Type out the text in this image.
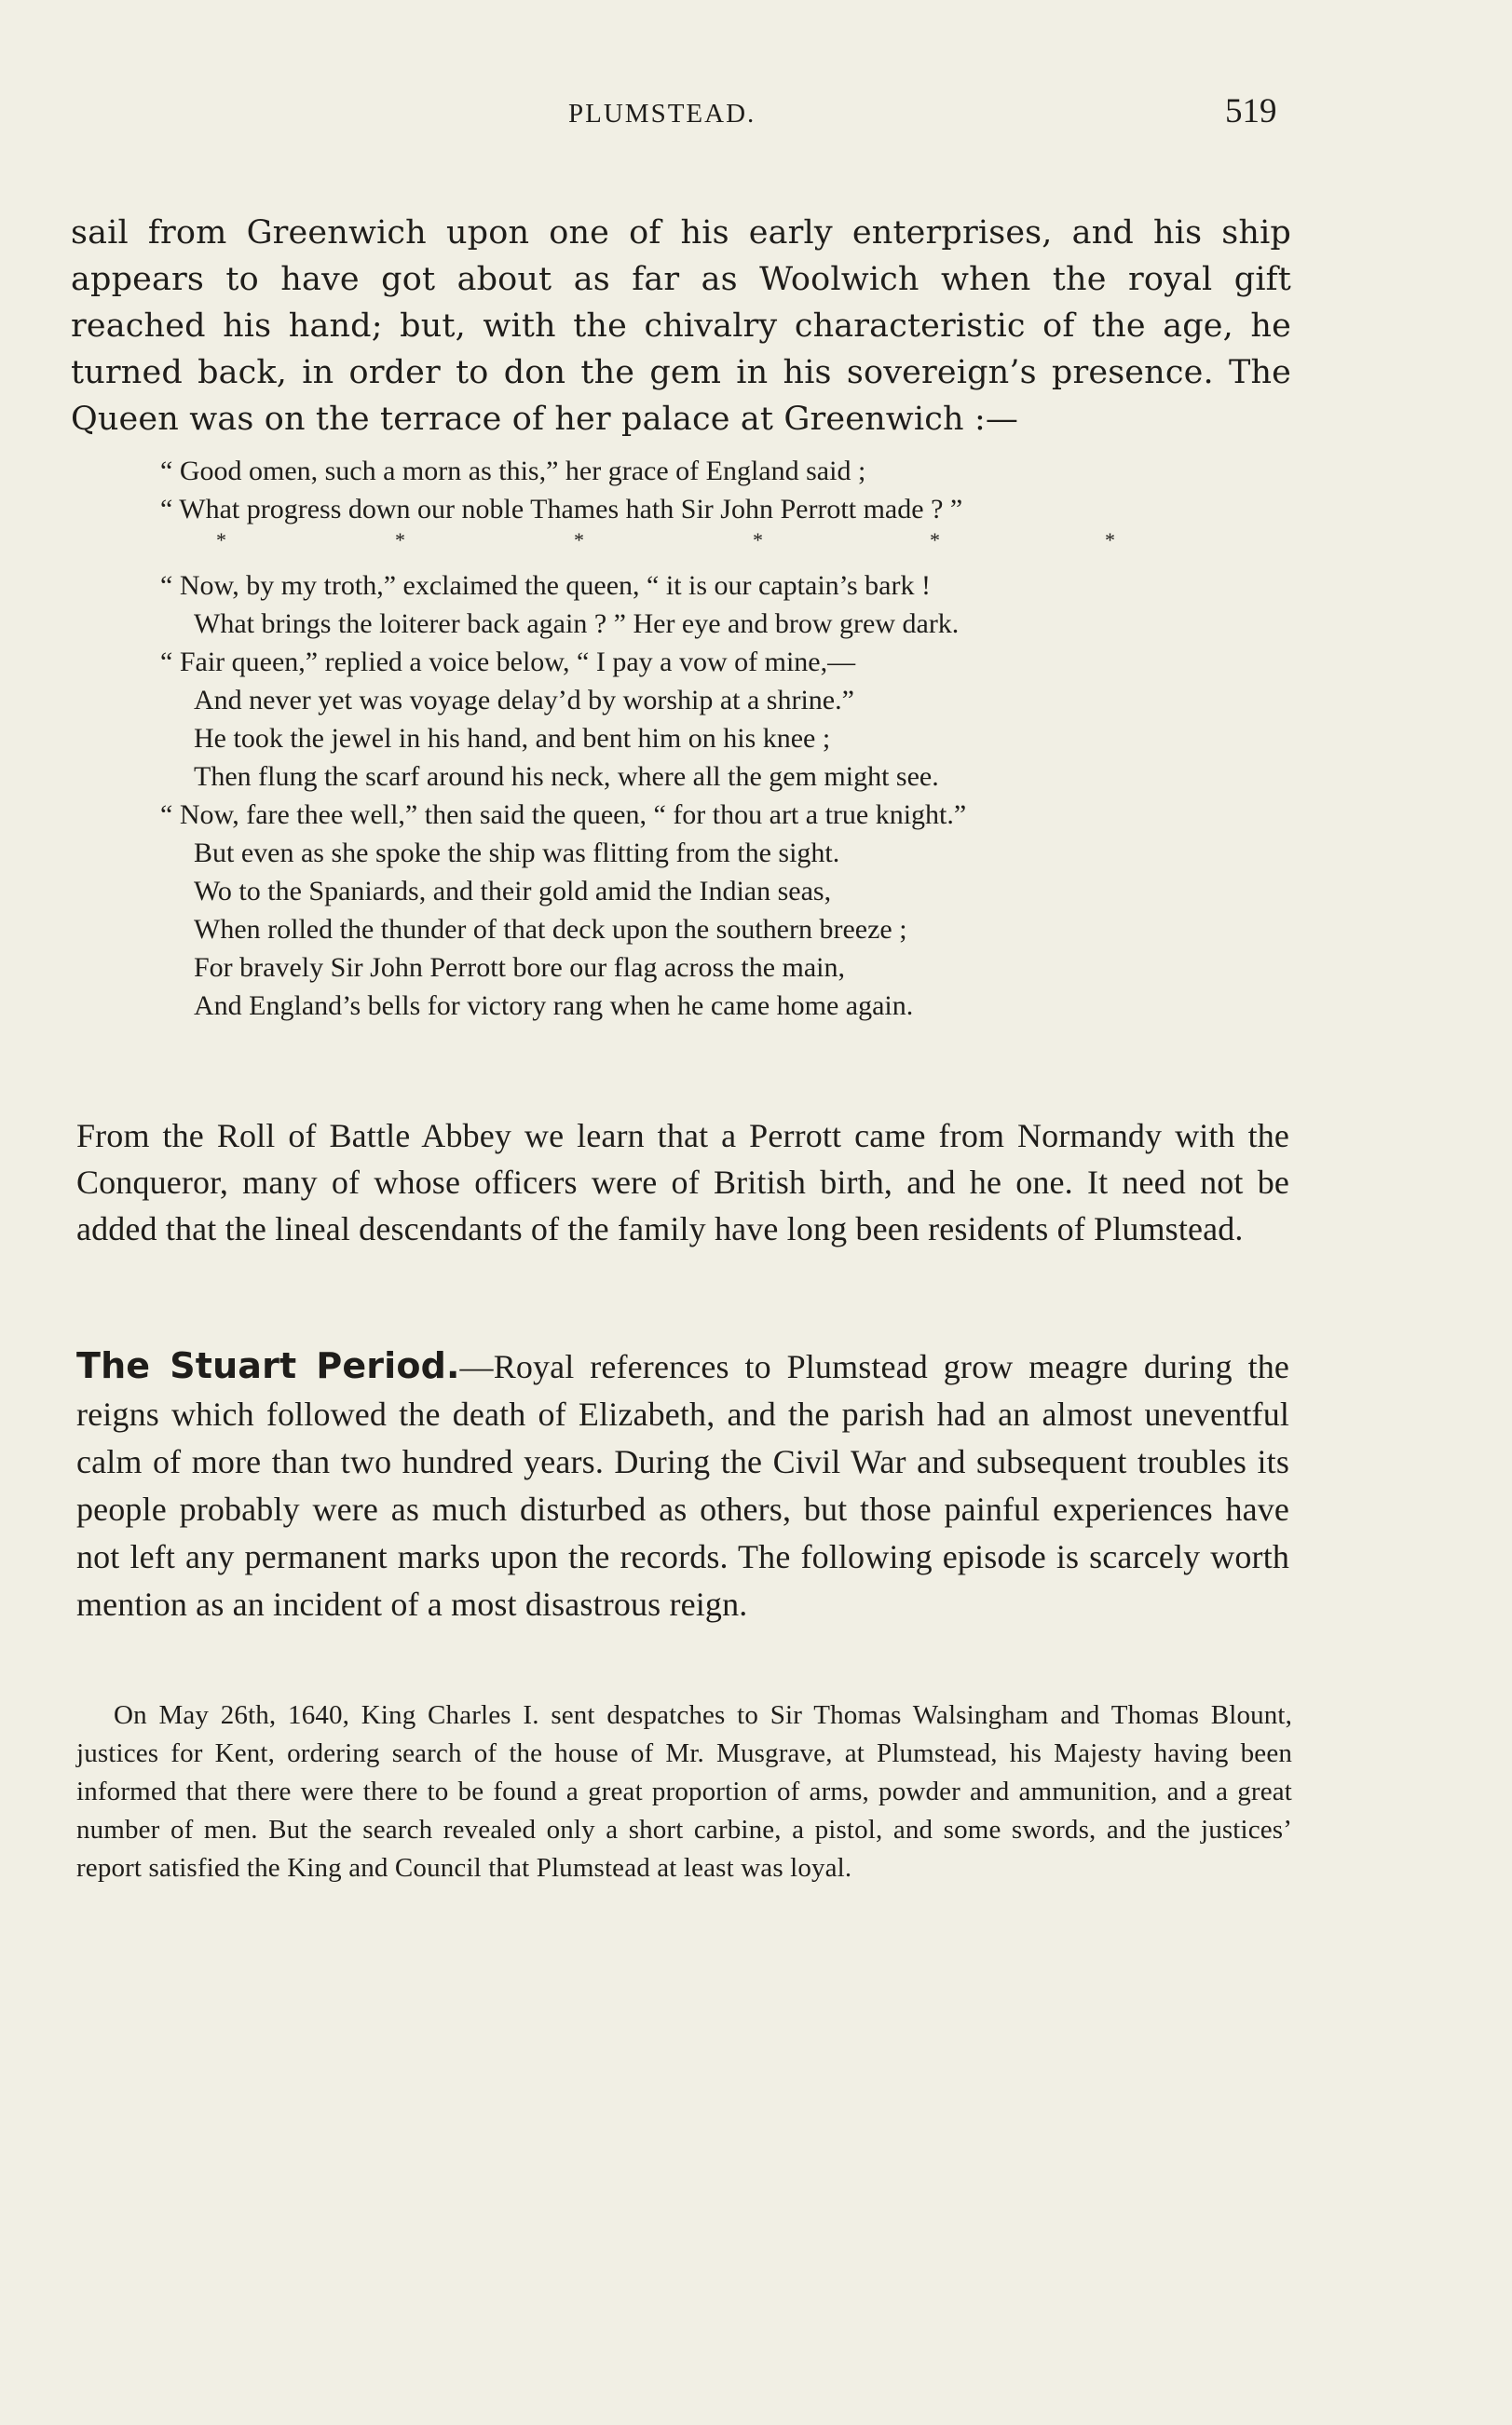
PLUMSTEAD.	519

sail from Greenwich upon one of his early enterprises, and his ship appears to have got about as far as Woolwich when the royal gift reached his hand; but, with the chivalry characteristic of the age, he turned back, in order to don the gem in his sovereign’s presence. The Queen was on the terrace of her palace at Greenwich :—

“ Good omen, such a morn as this,” her grace of England said ;
“ What progress down our noble Thames hath Sir John Perrott made ? ”
*	*	*	*	*	*
“ Now, by my troth,” exclaimed the queen, “ it is our captain’s bark !
What brings the loiterer back again ? ” Her eye and brow grew dark.
“ Fair queen,” replied a voice below, “ I pay a vow of mine,—
And never yet was voyage delay’d by worship at a shrine.”
He took the jewel in his hand, and bent him on his knee ;
Then flung the scarf around his neck, where all the gem might see.
“ Now, fare thee well,” then said the queen, “ for thou art a true knight.”
But even as she spoke the ship was flitting from the sight.
Wo to the Spaniards, and their gold amid the Indian seas,
When rolled the thunder of that deck upon the southern breeze ;
For bravely Sir John Perrott bore our flag across the main,
And England’s bells for victory rang when he came home again.

From the Roll of Battle Abbey we learn that a Perrott came from Normandy with the Conqueror, many of whose officers were of British birth, and he one. It need not be added that the lineal descendants of the family have long been residents of Plumstead.

The Stuart Period.—Royal references to Plumstead grow meagre during the reigns which followed the death of Elizabeth, and the parish had an almost uneventful calm of more than two hundred years. During the Civil War and subsequent troubles its people probably were as much disturbed as others, but those painful experiences have not left any permanent marks upon the records. The following episode is scarcely worth mention as an incident of a most disastrous reign.

On May 26th, 1640, King Charles I. sent despatches to Sir Thomas Walsingham and Thomas Blount, justices for Kent, ordering search of the house of Mr. Musgrave, at Plumstead, his Majesty having been informed that there were there to be found a great proportion of arms, powder and ammunition, and a great number of men. But the search revealed only a short carbine, a pistol, and some swords, and the justices’ report satisfied the King and Council that Plumstead at least was loyal.
